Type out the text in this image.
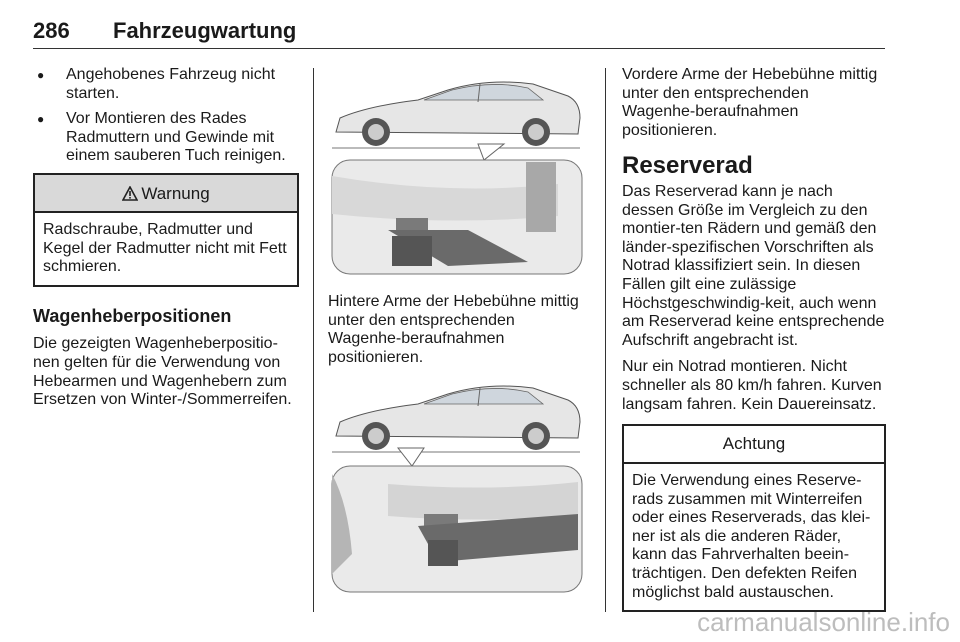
286 Fahrzeugwartung
● Angehobenes Fahrzeug nicht starten.
● Vor Montieren des Rades Radmuttern und Gewinde mit einem sauberen Tuch reinigen.
Warnung
Radschraube, Radmutter und Kegel der Radmutter nicht mit Fett schmieren.
Wagenheberpositionen

Die gezeigten Wagenheberpositio-nen gelten für die Verwendung von Hebearmen und Wagenhebern zum Ersetzen von Winter-/Sommerreifen.

Hintere Arme der Hebebühne mittig unter den entsprechenden Wagenhe-beraufnahmen positionieren.

Vordere Arme der Hebebühne mittig unter den entsprechenden Wagenhe-beraufnahmen positionieren.

Reserverad

Das Reserverad kann je nach dessen Größe im Vergleich zu den montier-ten Rädern und gemäß den länder-spezifischen Vorschriften als Notrad klassifiziert sein. In diesen Fällen gilt eine zulässige Höchstgeschwindig-keit, auch wenn am Reserverad keine entsprechende Aufschrift angebracht ist.

Nur ein Notrad montieren. Nicht schneller als 80 km/h fahren. Kurven langsam fahren. Kein Dauereinsatz.

Achtung
Die Verwendung eines Reserve-rads zusammen mit Winterreifen oder eines Reserverads, das klei-ner ist als die anderen Räder, kann das Fahrverhalten beein-trächtigen. Den defekten Reifen möglichst bald austauschen.
carmanualsonline.info
